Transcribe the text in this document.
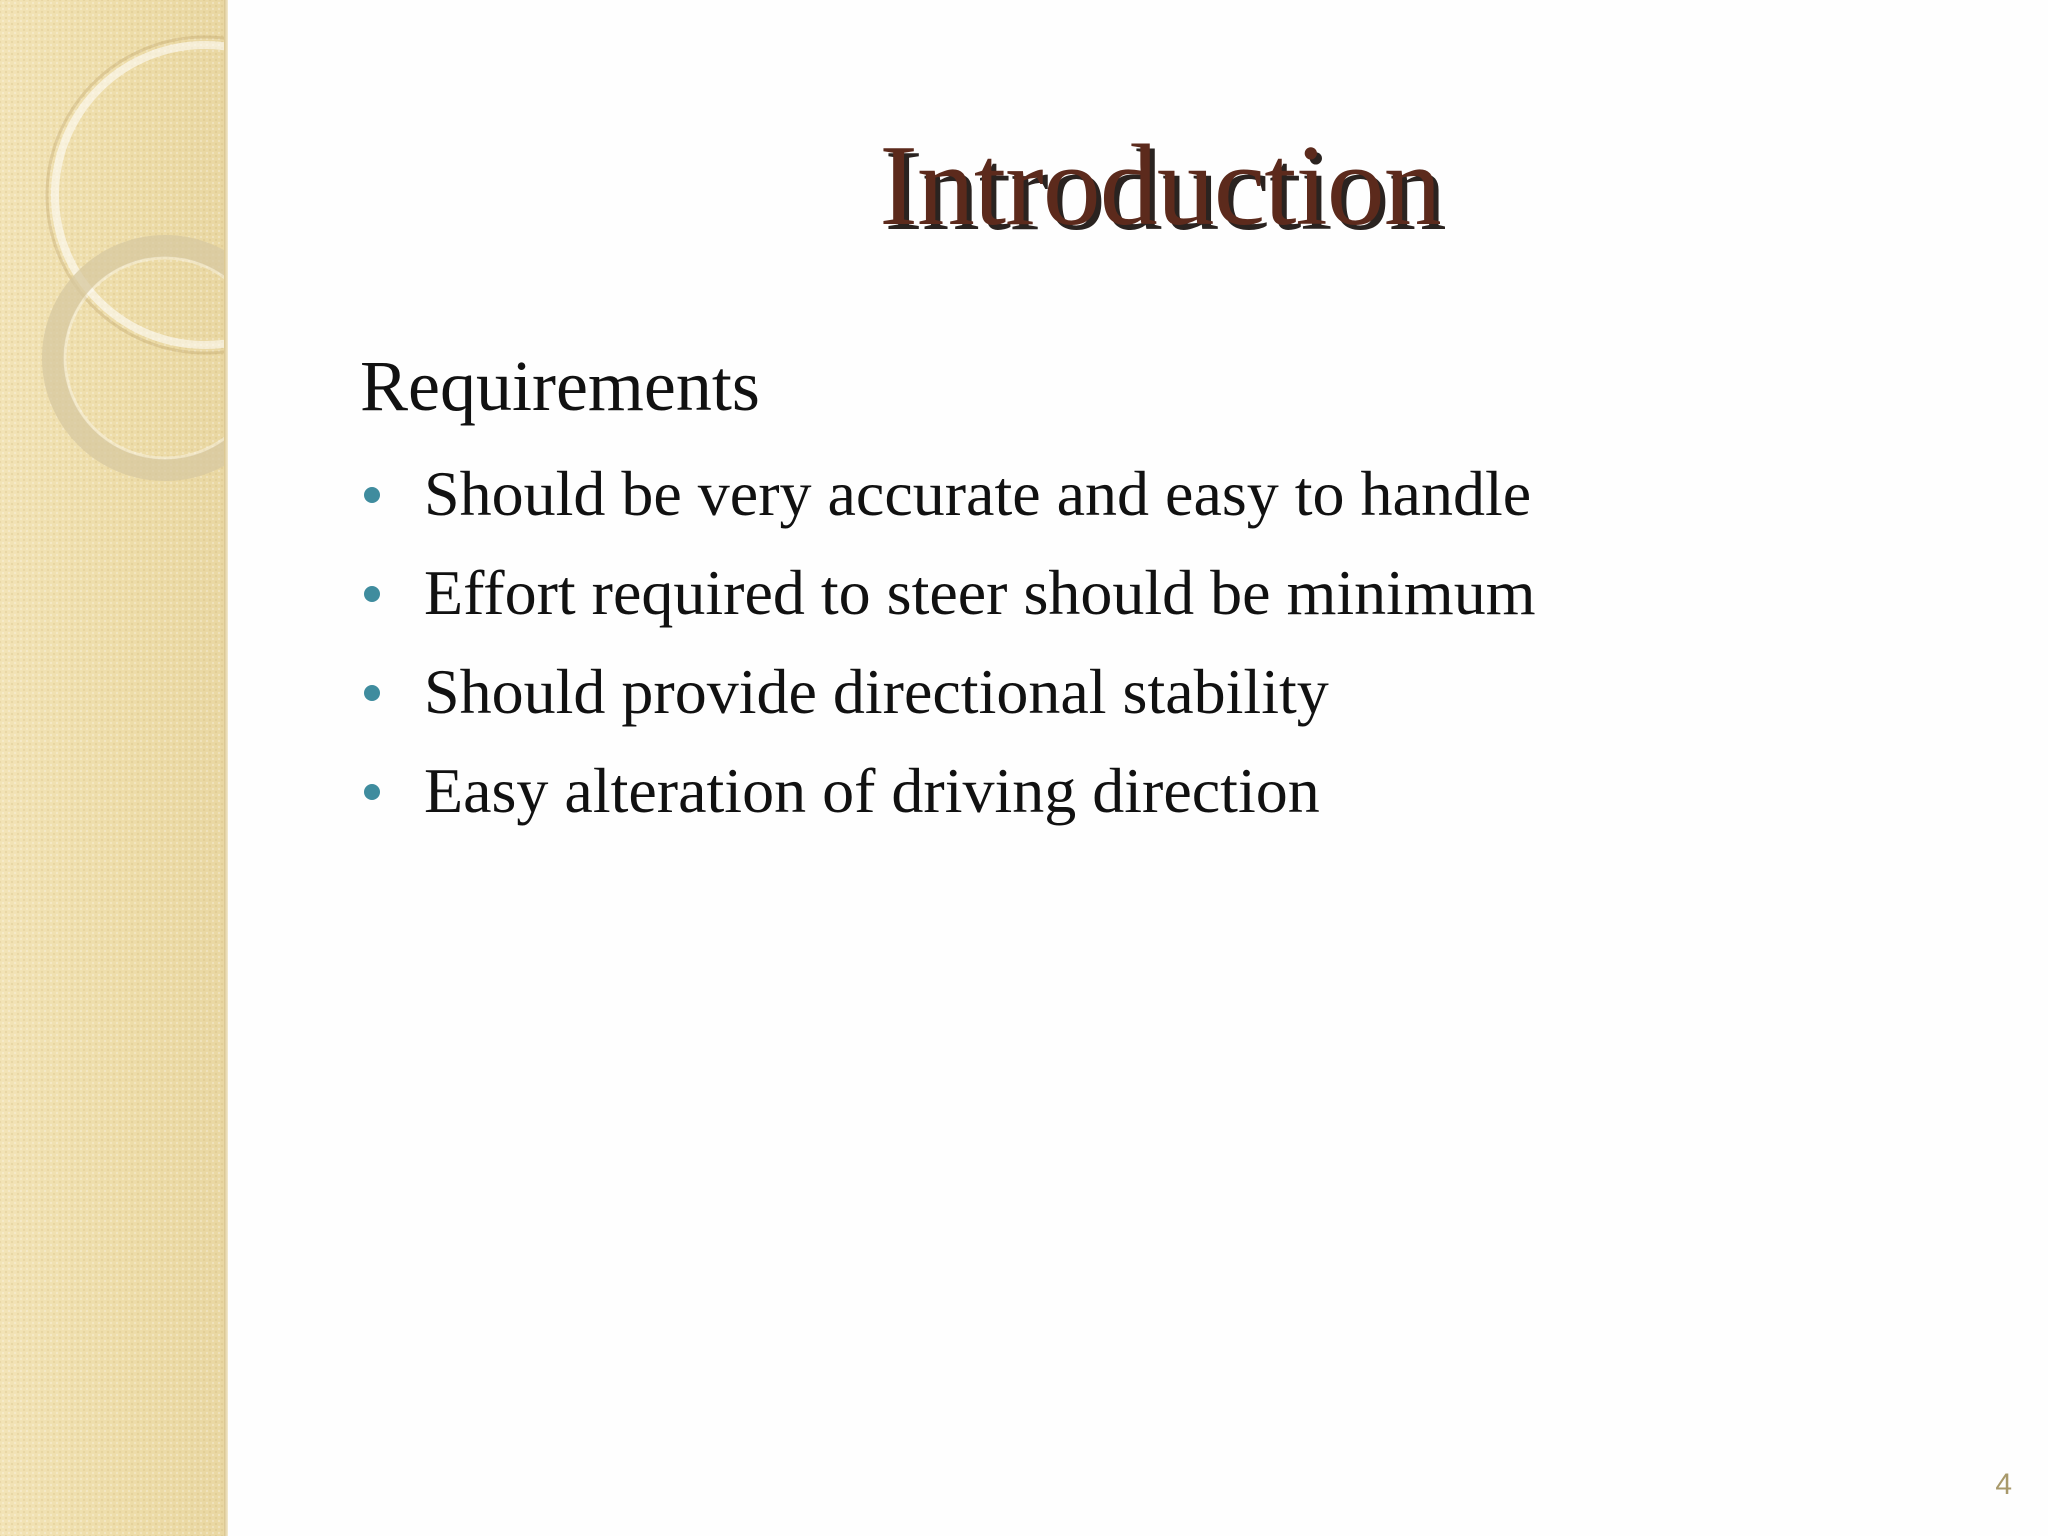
Introduction
Requirements
Should be very accurate and easy to handle
Effort required to steer should be minimum
Should provide directional stability
Easy alteration of driving direction
4
